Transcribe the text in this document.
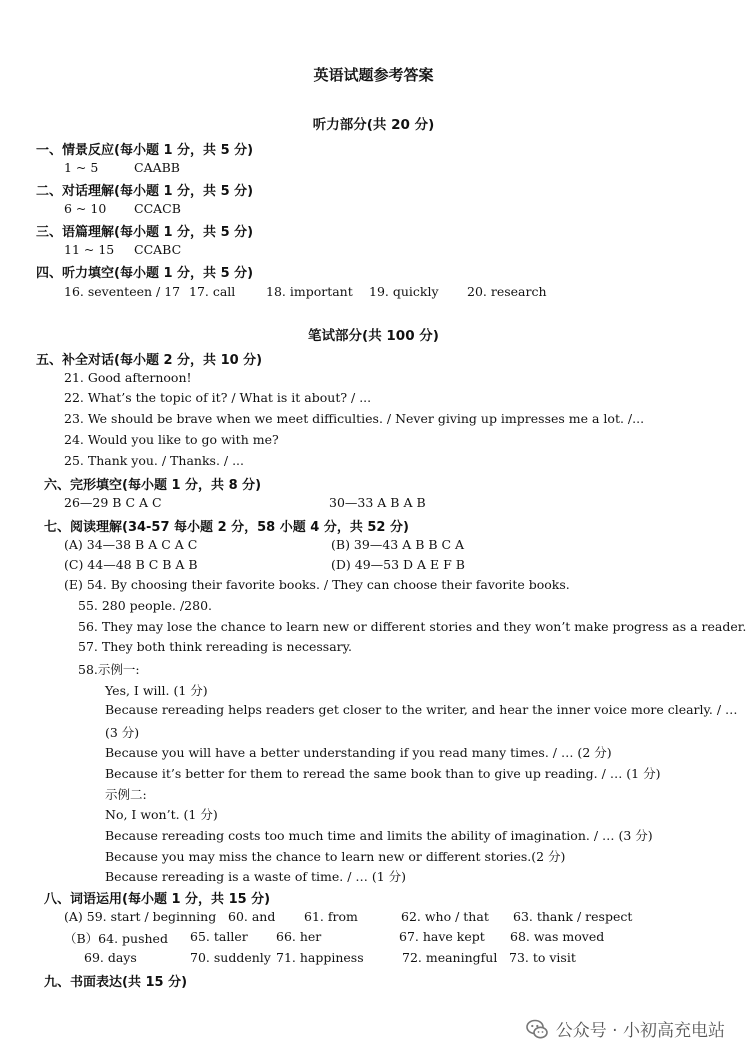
英语试题参考答案
听力部分(共 20 分)
一、情景反应(每小题 1 分，共 5 分)
1 ~ 5	CAABB
二、对话理解(每小题 1 分，共 5 分)
6 ~ 10 CCACB
三、语篇理解(每小题 1 分，共 5 分)
11 ~ 15 CCABC
四、听力填空(每小题 1 分，共 5 分)
16. seventeen / 17 17. call 18. important 19. quickly 20. research
笔试部分(共 100 分)
五、补全对话(每小题 2 分，共 10 分)
21. Good afternoon!
22. What’s the topic of it? / What is it about? / ...
23. We should be brave when we meet difficulties. / Never giving up impresses me a lot. /...
24. Would you like to go with me?
25. Thank you. / Thanks. / ...
六、完形填空(每小题 1 分，共 8 分)
26—29 B C A C	30—33 A B A B
七、阅读理解(34-57 每小题 2 分，58 小题 4 分，共 52 分)
(A) 34—38 B A C A C	(B) 39—43 A B B C A
(C) 44—48 B C B A B	(D) 49—53 D A E F B
(E) 54. By choosing their favorite books. / They can choose their favorite books.
55. 280 people. /280.
56. They may lose the chance to learn new or different stories and they won’t make progress as a reader.
57. They both think rereading is necessary.
58.示例一:
Yes, I will. (1 分)
Because rereading helps readers get closer to the writer, and hear the inner voice more clearly. / …
(3 分)
Because you will have a better understanding if you read many times. / … (2 分)
Because it’s better for them to reread the same book than to give up reading. / … (1 分)
示例二:
No, I won’t. (1 分)
Because rereading costs too much time and limits the ability of imagination. / … (3 分)
Because you may miss the chance to learn new or different stories.(2 分)
Because rereading is a waste of time. / … (1 分)
八、词语运用(每小题 1 分，共 15 分)
(A) 59. start / beginning 60. and 61. from	62. who / that 63. thank / respect
（B）64. pushed 65. taller 66. her	67. have kept 68. was moved
69. days	70. suddenly 71. happiness	72. meaningful 73. to visit
九、书面表达(共 15 分)
公众号 · 小初高充电站
